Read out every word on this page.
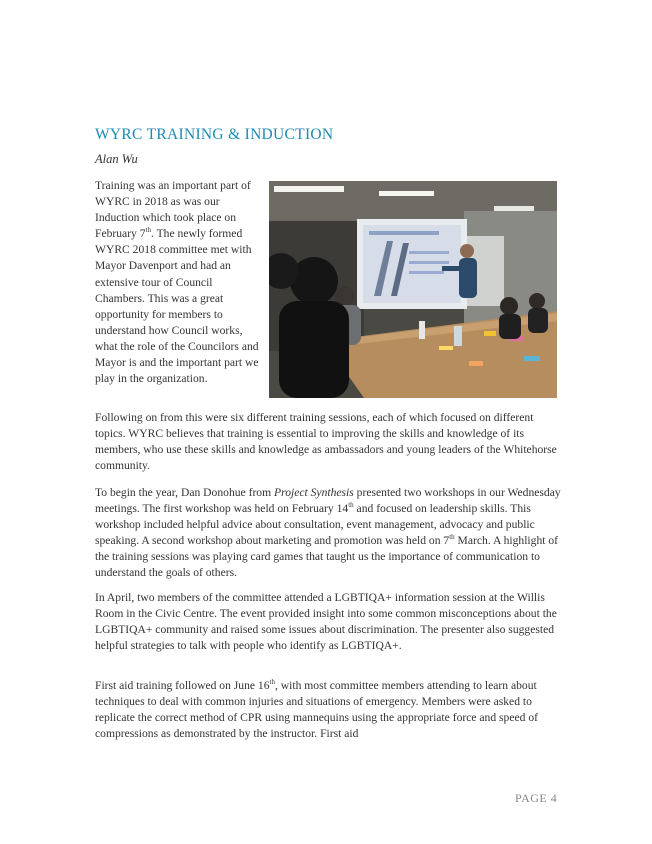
WYRC TRAINING & INDUCTION
Alan Wu

Training was an important part of WYRC in 2018 as was our Induction which took place on February 7th. The newly formed WYRC 2018 committee met with Mayor Davenport and had an extensive tour of Council Chambers. This was a great opportunity for members to understand how Council works, what the role of the Councilors and Mayor is and the important part we play in the organization.

Following on from this were six different training sessions, each of which focused on different topics. WYRC believes that training is essential to improving the skills and knowledge of its members, who use these skills and knowledge as ambassadors and young leaders of the Whitehorse community.

To begin the year, Dan Donohue from Project Synthesis presented two workshops in our Wednesday meetings. The first workshop was held on February 14th and focused on leadership skills. This workshop included helpful advice about consultation, event management, advocacy and public speaking. A second workshop about marketing and promotion was held on 7th March. A highlight of the training sessions was playing card games that taught us the importance of communication to understand the goals of others.

In April, two members of the committee attended a LGBTIQA+ information session at the Willis Room in the Civic Centre. The event provided insight into some common misconceptions about the LGBTIQA+ community and raised some issues about discrimination. The presenter also suggested helpful strategies to talk with people who identify as LGBTIQA+.

First aid training followed on June 16th, with most committee members attending to learn about techniques to deal with common injuries and situations of emergency. Members were asked to replicate the correct method of CPR using mannequins using the appropriate force and speed of compressions as demonstrated by the instructor. First aid

PAGE 4
